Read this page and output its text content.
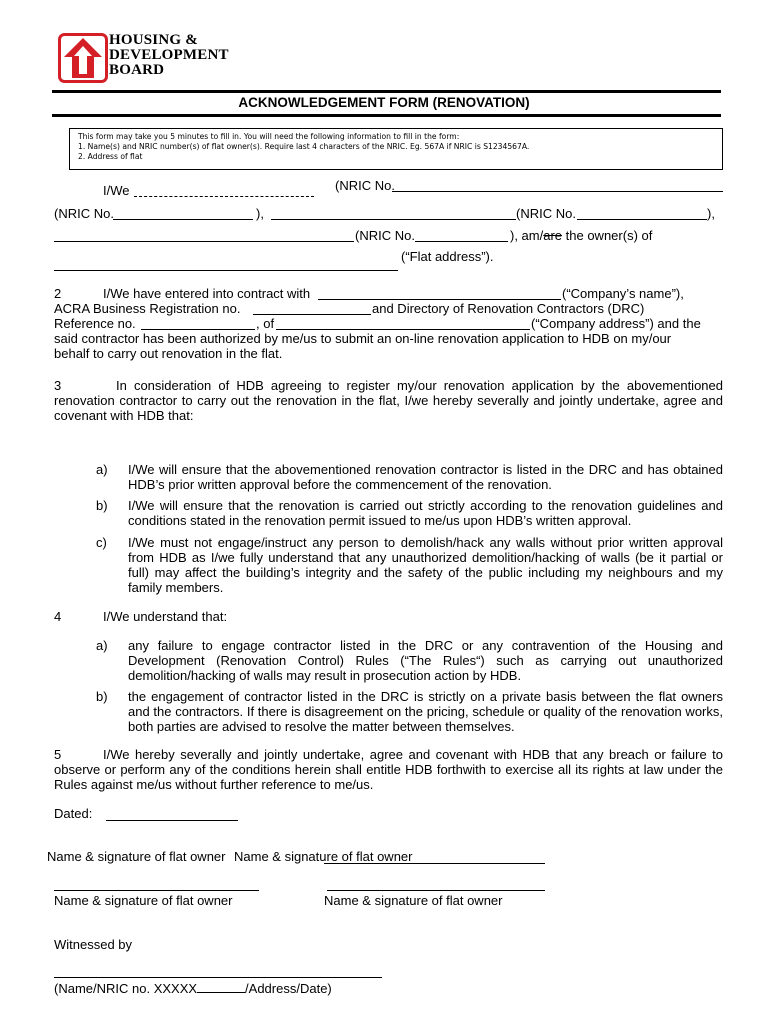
HOUSING &
DEVELOPMENT
BOARD
ACKNOWLEDGEMENT FORM (RENOVATION)
This form may take you 5 minutes to fill in. You will need the following information to fill in the form:
1. Name(s) and NRIC number(s) of flat owner(s). Require last 4 characters of the NRIC. Eg. 567A if NRIC is S1234567A.
2. Address of flat
I/We	(NRIC No.
(NRIC No.	),	(NRIC No.	),
(NRIC No.	), am/are the owner(s) of
(“Flat address”).
2	I/We have entered into contract with	(“Company’s name”),
ACRA Business Registration no.	and Directory of Renovation Contractors (DRC)
Reference no.	, of	(“Company address”) and the
said contractor has been authorized by me/us to submit an on-line renovation application to HDB on my/our
behalf to carry out renovation in the flat.
3	In consideration of HDB agreeing to register my/our renovation application by the abovementioned renovation contractor to carry out the renovation in the flat, I/we hereby severally and jointly undertake, agree and covenant with HDB that:
a) I/We will ensure that the abovementioned renovation contractor is listed in the DRC and has obtained HDB’s prior written approval before the commencement of the renovation.
b) I/We will ensure that the renovation is carried out strictly according to the renovation guidelines and conditions stated in the renovation permit issued to me/us upon HDB’s written approval.
c) I/We must not engage/instruct any person to demolish/hack any walls without prior written approval from HDB as I/we fully understand that any unauthorized demolition/hacking of walls (be it partial or full) may affect the building’s integrity and the safety of the public including my neighbours and my family members.
4	I/We understand that:
a) any failure to engage contractor listed in the DRC or any contravention of the Housing and Development (Renovation Control) Rules (“The Rules“) such as carrying out unauthorized demolition/hacking of walls may result in prosecution action by HDB.
b) the engagement of contractor listed in the DRC is strictly on a private basis between the flat owners and the contractors. If there is disagreement on the pricing, schedule or quality of the renovation works, both parties are advised to resolve the matter between themselves.
5	I/We hereby severally and jointly undertake, agree and covenant with HDB that any breach or failure to observe or perform any of the conditions herein shall entitle HDB forthwith to exercise all its rights at law under the Rules against me/us without further reference to me/us.
Dated:
Name & signature of flat owner Name & signature of flat owner
Name & signature of flat owner	Name & signature of flat owner
Witnessed by
(Name/NRIC no. XXXXX	/Address/Date)
